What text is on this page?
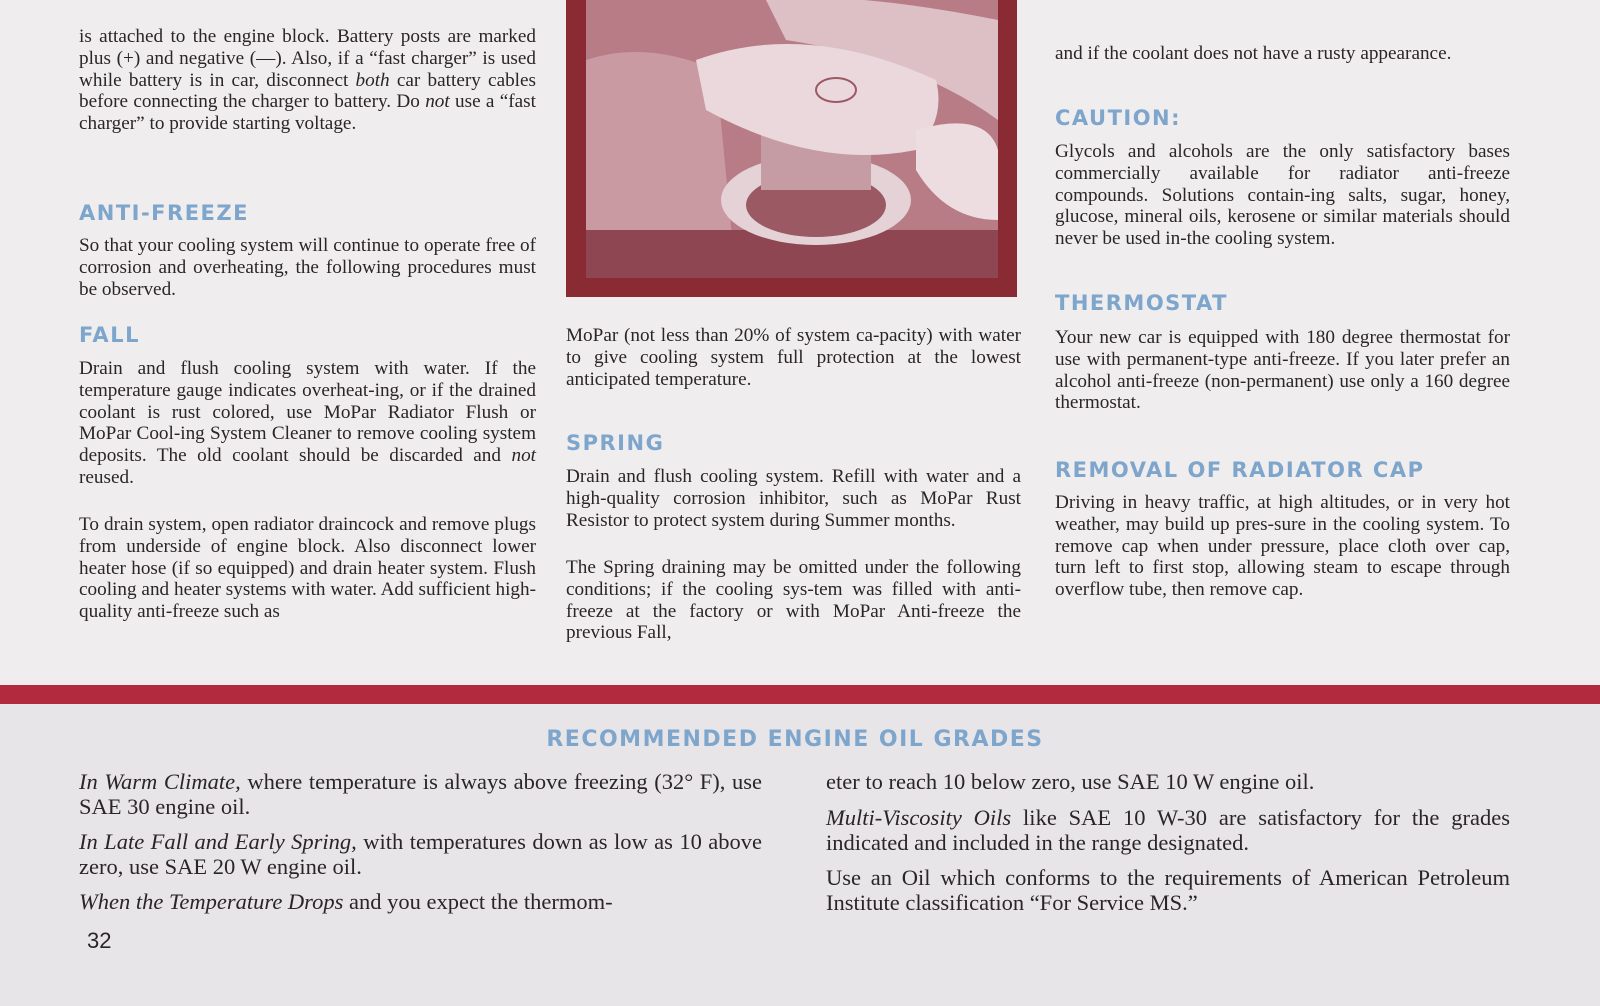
is attached to the engine block. Battery posts are marked plus (+) and negative (—). Also, if a “fast charger” is used while battery is in car, disconnect both car battery cables before connecting the charger to battery. Do not use a “fast charger” to provide starting voltage.

ANTI-FREEZE

So that your cooling system will continue to operate free of corrosion and overheating, the following procedures must be observed.

FALL

Drain and flush cooling system with water. If the temperature gauge indicates overheat-ing, or if the drained coolant is rust colored, use MoPar Radiator Flush or MoPar Cool-ing System Cleaner to remove cooling system deposits. The old coolant should be discarded and not reused.

To drain system, open radiator draincock and remove plugs from underside of engine block. Also disconnect lower heater hose (if so equipped) and drain heater system. Flush cooling and heater systems with water. Add sufficient high-quality anti-freeze such as

MoPar (not less than 20% of system ca-pacity) with water to give cooling system full protection at the lowest anticipated temperature.

SPRING

Drain and flush cooling system. Refill with water and a high-quality corrosion inhibitor, such as MoPar Rust Resistor to protect system during Summer months.

The Spring draining may be omitted under the following conditions; if the cooling sys-tem was filled with anti-freeze at the factory or with MoPar Anti-freeze the previous Fall,

and if the coolant does not have a rusty appearance.

CAUTION:

Glycols and alcohols are the only satisfactory bases commercially available for radiator anti-freeze compounds. Solutions contain-ing salts, sugar, honey, glucose, mineral oils, kerosene or similar materials should never be used in-the cooling system.

THERMOSTAT

Your new car is equipped with 180 degree thermostat for use with permanent-type anti-freeze. If you later prefer an alcohol anti-freeze (non-permanent) use only a 160 degree thermostat.

REMOVAL OF RADIATOR CAP

Driving in heavy traffic, at high altitudes, or in very hot weather, may build up pres-sure in the cooling system. To remove cap when under pressure, place cloth over cap, turn left to first stop, allowing steam to escape through overflow tube, then remove cap.

RECOMMENDED ENGINE OIL GRADES

In Warm Climate, where temperature is always above freezing (32° F), use SAE 30 engine oil.

In Late Fall and Early Spring, with temperatures down as low as 10 above zero, use SAE 20 W engine oil.

When the Temperature Drops and you expect the thermom-

eter to reach 10 below zero, use SAE 10 W engine oil.

Multi-Viscosity Oils like SAE 10 W-30 are satisfactory for the grades indicated and included in the range designated.

Use an Oil which conforms to the requirements of American Petroleum Institute classification “For Service MS.”

32
